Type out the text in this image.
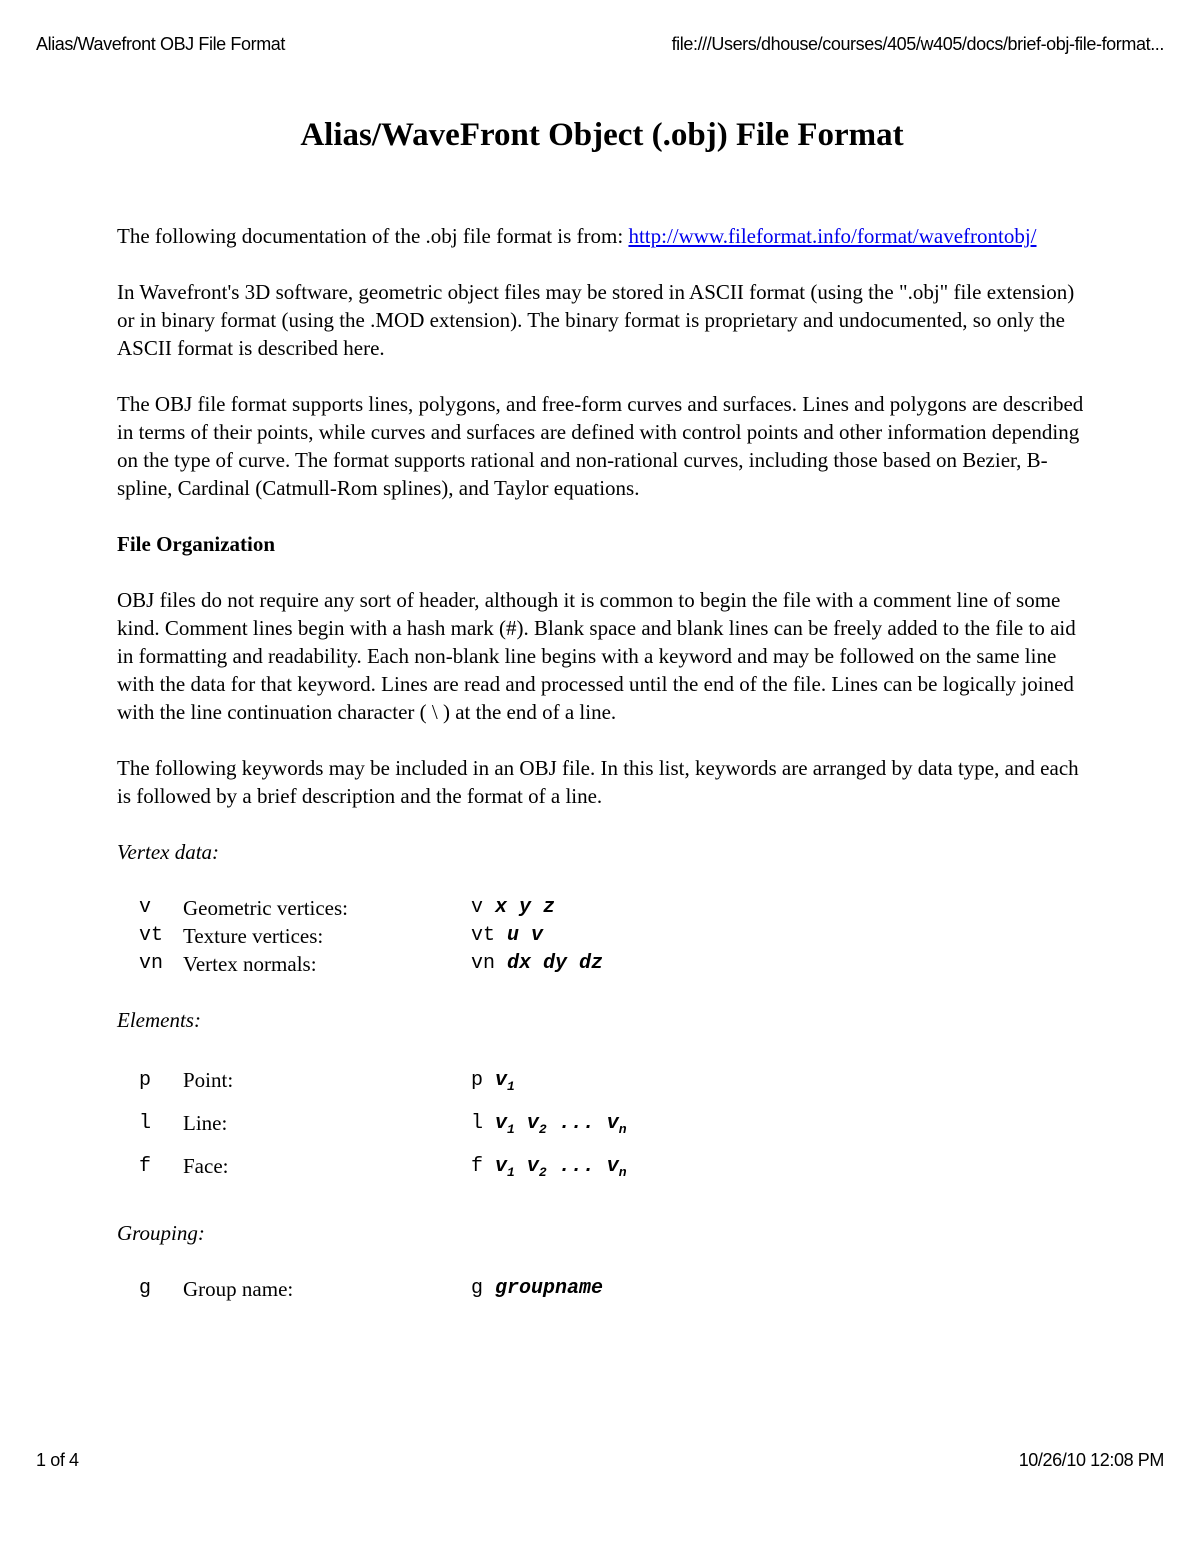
Alias/Wavefront OBJ File Format	file:///Users/dhouse/courses/405/w405/docs/brief-obj-file-format...
Alias/WaveFront Object (.obj) File Format

The following documentation of the .obj file format is from: http://www.fileformat.info/format/wavefrontobj/

In Wavefront's 3D software, geometric object files may be stored in ASCII format (using the ".obj" file extension) or in binary format (using the .MOD extension). The binary format is proprietary and undocumented, so only the ASCII format is described here.

The OBJ file format supports lines, polygons, and free-form curves and surfaces. Lines and polygons are described in terms of their points, while curves and surfaces are defined with control points and other information depending on the type of curve. The format supports rational and non-rational curves, including those based on Bezier, B-spline, Cardinal (Catmull-Rom splines), and Taylor equations.

File Organization

OBJ files do not require any sort of header, although it is common to begin the file with a comment line of some kind. Comment lines begin with a hash mark (#). Blank space and blank lines can be freely added to the file to aid in formatting and readability. Each non-blank line begins with a keyword and may be followed on the same line with the data for that keyword. Lines are read and processed until the end of the file. Lines can be logically joined with the line continuation character ( \ ) at the end of a line.

The following keywords may be included in an OBJ file. In this list, keywords are arranged by data type, and each is followed by a brief description and the format of a line.

Vertex data:
v	Geometric vertices:	v x y z
vt	Texture vertices:	vt u v
vn	Vertex normals:	vn dx dy dz
Elements:
p	Point:	p $v_1$
l	Line:	l $v_1$ $v_2$ ... $v_n$
f	Face:	f $v_1$ $v_2$ ... $v_n$
Grouping:
g	Group name:	g groupname
1 of 4	10/26/10 12:08 PM
